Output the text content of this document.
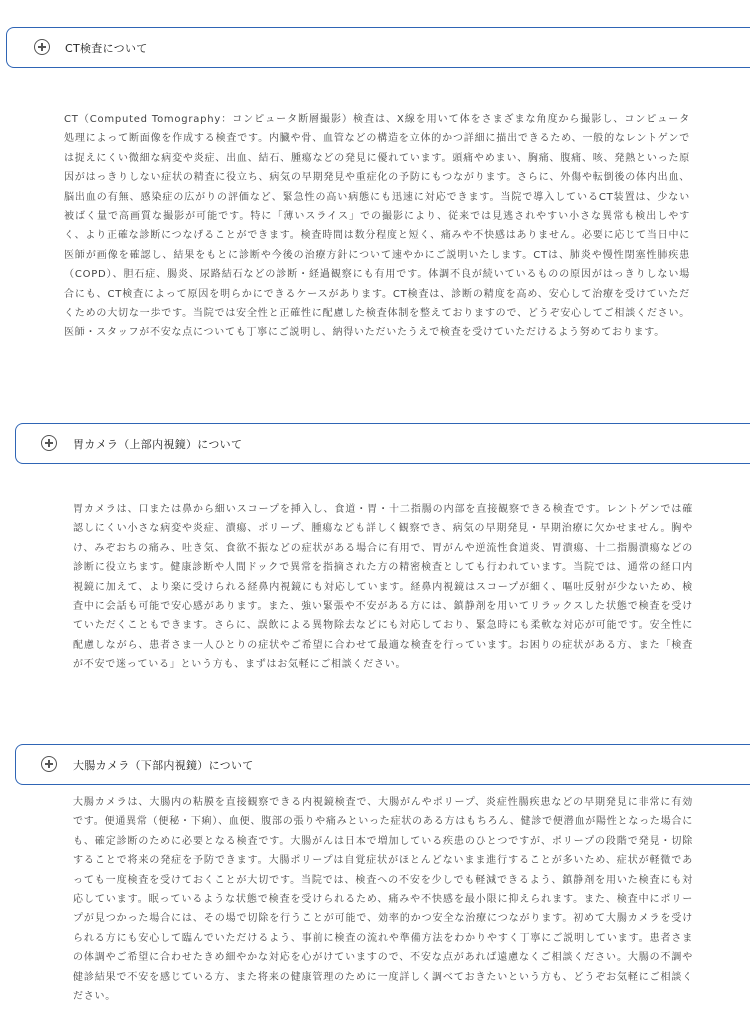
CT検査について

CT（Computed Tomography：コンピュータ断層撮影）検査は、X線を用いて体をさまざまな角度から撮影し、コンピュータ処理によって断面像を作成する検査です。内臓や骨、血管などの構造を立体的かつ詳細に描出できるため、一般的なレントゲンでは捉えにくい微細な病変や炎症、出血、結石、腫瘍などの発見に優れています。頭痛やめまい、胸痛、腹痛、咳、発熱といった原因がはっきりしない症状の精査に役立ち、病気の早期発見や重症化の予防にもつながります。さらに、外傷や転倒後の体内出血、脳出血の有無、感染症の広がりの評価など、緊急性の高い病態にも迅速に対応できます。当院で導入しているCT装置は、少ない被ばく量で高画質な撮影が可能です。特に「薄いスライス」での撮影により、従来では見逃されやすい小さな異常も検出しやすく、より正確な診断につなげることができます。検査時間は数分程度と短く、痛みや不快感はありません。必要に応じて当日中に医師が画像を確認し、結果をもとに診断や今後の治療方針について速やかにご説明いたします。CTは、肺炎や慢性閉塞性肺疾患（COPD）、胆石症、腸炎、尿路結石などの診断・経過観察にも有用です。体調不良が続いているものの原因がはっきりしない場合にも、CT検査によって原因を明らかにできるケースがあります。CT検査は、診断の精度を高め、安心して治療を受けていただくための大切な一歩です。当院では安全性と正確性に配慮した検査体制を整えておりますので、どうぞ安心してご相談ください。医師・スタッフが不安な点についても丁寧にご説明し、納得いただいたうえで検査を受けていただけるよう努めております。

胃カメラ（上部内視鏡）について

胃カメラは、口または鼻から細いスコープを挿入し、食道・胃・十二指腸の内部を直接観察できる検査です。レントゲンでは確認しにくい小さな病変や炎症、潰瘍、ポリープ、腫瘍なども詳しく観察でき、病気の早期発見・早期治療に欠かせません。胸やけ、みぞおちの痛み、吐き気、食欲不振などの症状がある場合に有用で、胃がんや逆流性食道炎、胃潰瘍、十二指腸潰瘍などの診断に役立ちます。健康診断や人間ドックで異常を指摘された方の精密検査としても行われています。当院では、通常の経口内視鏡に加えて、より楽に受けられる経鼻内視鏡にも対応しています。経鼻内視鏡はスコープが細く、嘔吐反射が少ないため、検査中に会話も可能で安心感があります。また、強い緊張や不安がある方には、鎮静剤を用いてリラックスした状態で検査を受けていただくこともできます。さらに、誤飲による異物除去などにも対応しており、緊急時にも柔軟な対応が可能です。安全性に配慮しながら、患者さま一人ひとりの症状やご希望に合わせて最適な検査を行っています。お困りの症状がある方、また「検査が不安で迷っている」という方も、まずはお気軽にご相談ください。

大腸カメラ（下部内視鏡）について

大腸カメラは、大腸内の粘膜を直接観察できる内視鏡検査で、大腸がんやポリープ、炎症性腸疾患などの早期発見に非常に有効です。便通異常（便秘・下痢）、血便、腹部の張りや痛みといった症状のある方はもちろん、健診で便潜血が陽性となった場合にも、確定診断のために必要となる検査です。大腸がんは日本で増加している疾患のひとつですが、ポリープの段階で発見・切除することで将来の発症を予防できます。大腸ポリープは自覚症状がほとんどないまま進行することが多いため、症状が軽微であっても一度検査を受けておくことが大切です。当院では、検査への不安を少しでも軽減できるよう、鎮静剤を用いた検査にも対応しています。眠っているような状態で検査を受けられるため、痛みや不快感を最小限に抑えられます。また、検査中にポリープが見つかった場合には、その場で切除を行うことが可能で、効率的かつ安全な治療につながります。初めて大腸カメラを受けられる方にも安心して臨んでいただけるよう、事前に検査の流れや準備方法をわかりやすく丁寧にご説明しています。患者さまの体調やご希望に合わせたきめ細やかな対応を心がけていますので、不安な点があれば遠慮なくご相談ください。大腸の不調や健診結果で不安を感じている方、また将来の健康管理のために一度詳しく調べておきたいという方も、どうぞお気軽にご相談ください。
